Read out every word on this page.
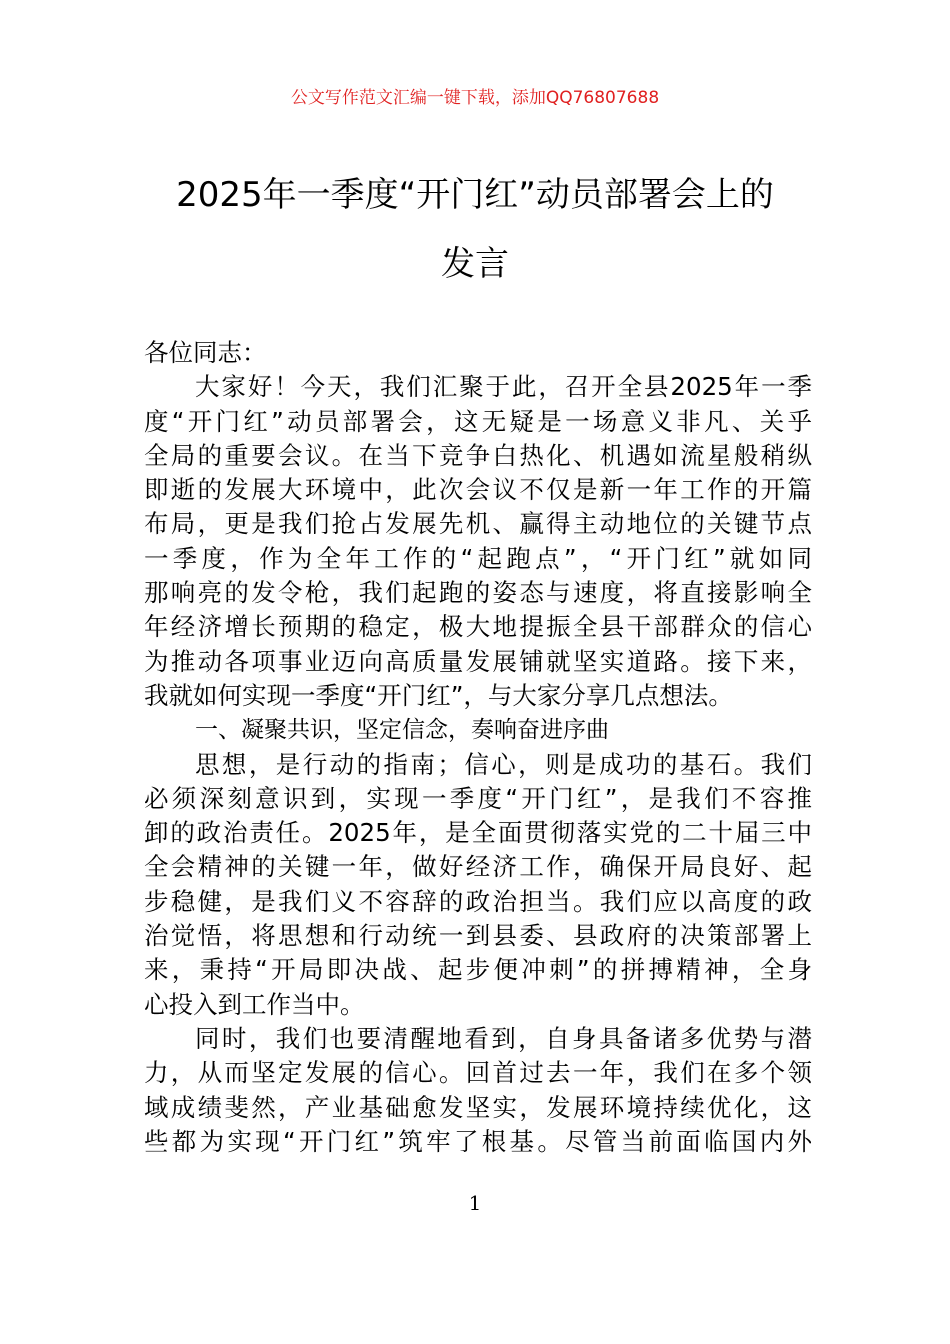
公文写作范文汇编一键下载，添加QQ76807688
2025年一季度“开门红”动员部署会上的
发言
各位同志：
大家好！今天，我们汇聚于此，召开全县2025年一季
度“开门红”动员部署会，这无疑是一场意义非凡、关乎
全局的重要会议。在当下竞争白热化、机遇如流星般稍纵
即逝的发展大环境中，此次会议不仅是新一年工作的开篇
布局，更是我们抢占发展先机、赢得主动地位的关键节点
一季度，作为全年工作的“起跑点”，“开门红”就如同
那响亮的发令枪，我们起跑的姿态与速度，将直接影响全
年经济增长预期的稳定，极大地提振全县干部群众的信心
为推动各项事业迈向高质量发展铺就坚实道路。接下来，
我就如何实现一季度“开门红”，与大家分享几点想法。
一、凝聚共识，坚定信念，奏响奋进序曲
思想，是行动的指南；信心，则是成功的基石。我们
必须深刻意识到，实现一季度“开门红”，是我们不容推
卸的政治责任。2025年，是全面贯彻落实党的二十届三中
全会精神的关键一年，做好经济工作，确保开局良好、起
步稳健，是我们义不容辞的政治担当。我们应以高度的政
治觉悟，将思想和行动统一到县委、县政府的决策部署上
来，秉持“开局即决战、起步便冲刺”的拼搏精神，全身
心投入到工作当中。
同时，我们也要清醒地看到，自身具备诸多优势与潜
力，从而坚定发展的信心。回首过去一年，我们在多个领
域成绩斐然，产业基础愈发坚实，发展环境持续优化，这
些都为实现“开门红”筑牢了根基。尽管当前面临国内外
1
